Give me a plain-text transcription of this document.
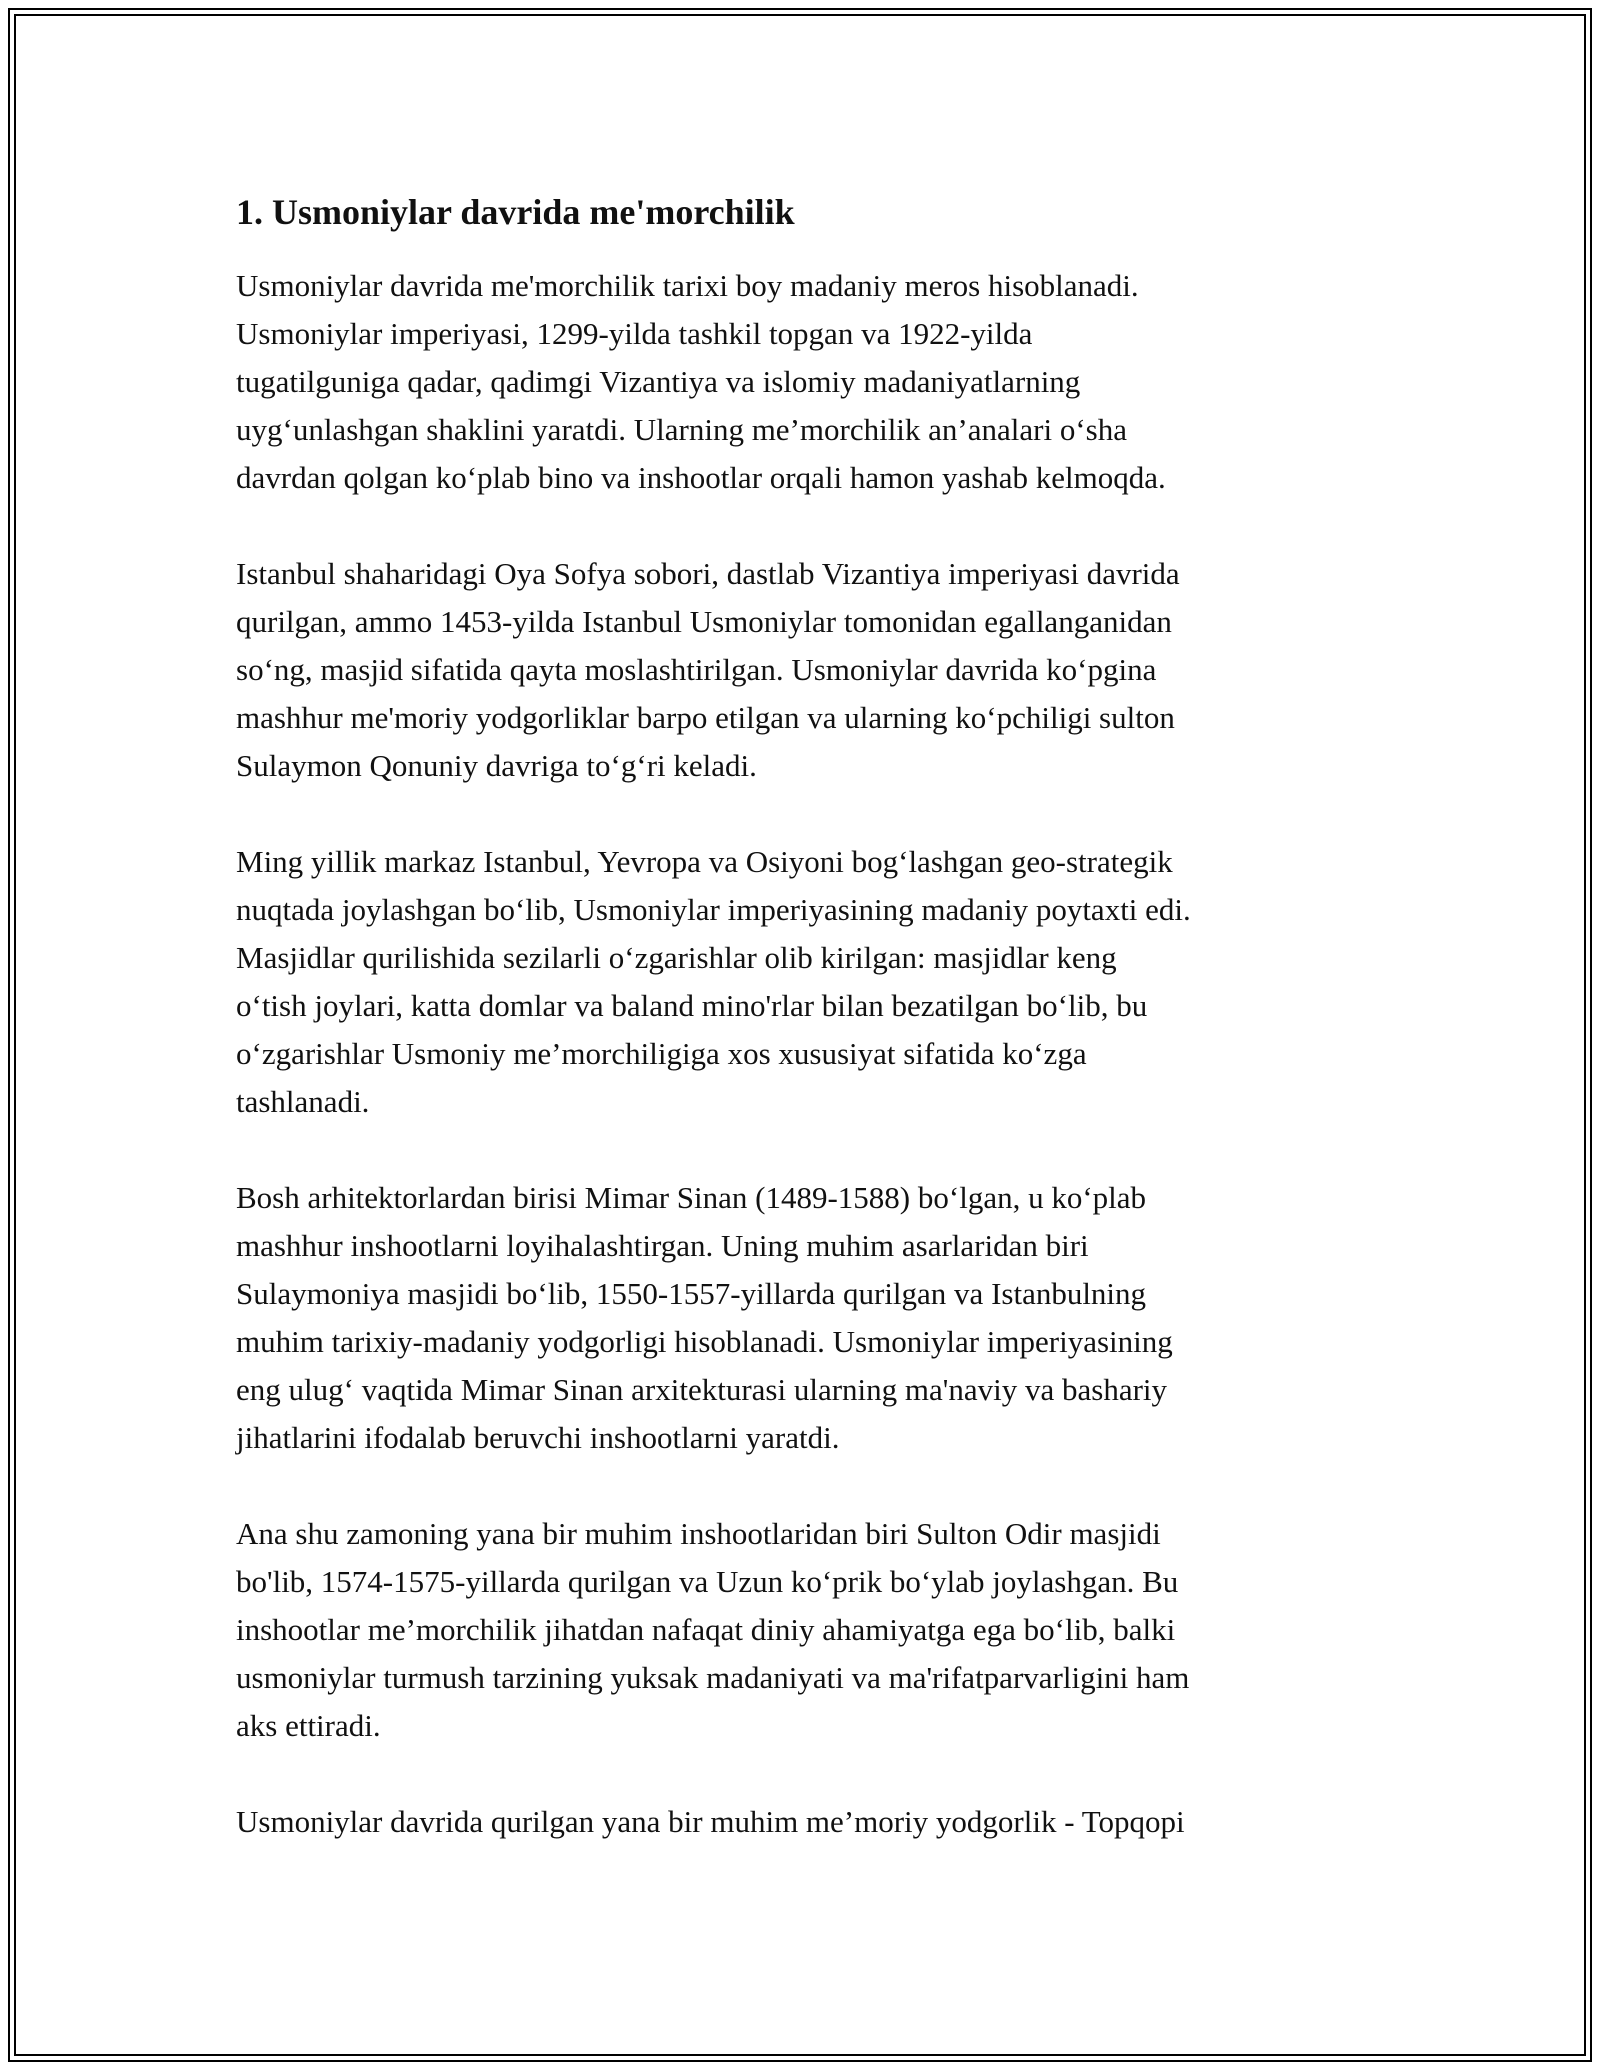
1. Usmoniylar davrida me'morchilik

Usmoniylar davrida me'morchilik tarixi boy madaniy meros hisoblanadi.
Usmoniylar imperiyasi, 1299-yilda tashkil topgan va 1922-yilda
tugatilguniga qadar, qadimgi Vizantiya va islomiy madaniyatlarning
uyg‘unlashgan shaklini yaratdi. Ularning me’morchilik an’analari o‘sha
davrdan qolgan ko‘plab bino va inshootlar orqali hamon yashab kelmoqda.

Istanbul shaharidagi Oya Sofya sobori, dastlab Vizantiya imperiyasi davrida
qurilgan, ammo 1453-yilda Istanbul Usmoniylar tomonidan egallanganidan
so‘ng, masjid sifatida qayta moslashtirilgan. Usmoniylar davrida ko‘pgina
mashhur me'moriy yodgorliklar barpo etilgan va ularning ko‘pchiligi sulton
Sulaymon Qonuniy davriga to‘g‘ri keladi.

Ming yillik markaz Istanbul, Yevropa va Osiyoni bog‘lashgan geo-strategik
nuqtada joylashgan bo‘lib, Usmoniylar imperiyasining madaniy poytaxti edi.
Masjidlar qurilishida sezilarli o‘zgarishlar olib kirilgan: masjidlar keng
o‘tish joylari, katta domlar va baland mino'rlar bilan bezatilgan bo‘lib, bu
o‘zgarishlar Usmoniy me’morchiligiga xos xususiyat sifatida ko‘zga
tashlanadi.

Bosh arhitektorlardan birisi Mimar Sinan (1489-1588) bo‘lgan, u ko‘plab
mashhur inshootlarni loyihalashtirgan. Uning muhim asarlaridan biri
Sulaymoniya masjidi bo‘lib, 1550-1557-yillarda qurilgan va Istanbulning
muhim tarixiy-madaniy yodgorligi hisoblanadi. Usmoniylar imperiyasining
eng ulug‘ vaqtida Mimar Sinan arxitekturasi ularning ma'naviy va bashariy
jihatlarini ifodalab beruvchi inshootlarni yaratdi.

Ana shu zamoning yana bir muhim inshootlaridan biri Sulton Odir masjidi
bo'lib, 1574-1575-yillarda qurilgan va Uzun ko‘prik bo‘ylab joylashgan. Bu
inshootlar me’morchilik jihatdan nafaqat diniy ahamiyatga ega bo‘lib, balki
usmoniylar turmush tarzining yuksak madaniyati va ma'rifatparvarligini ham
aks ettiradi.

Usmoniylar davrida qurilgan yana bir muhim me’moriy yodgorlik - Topqopi
